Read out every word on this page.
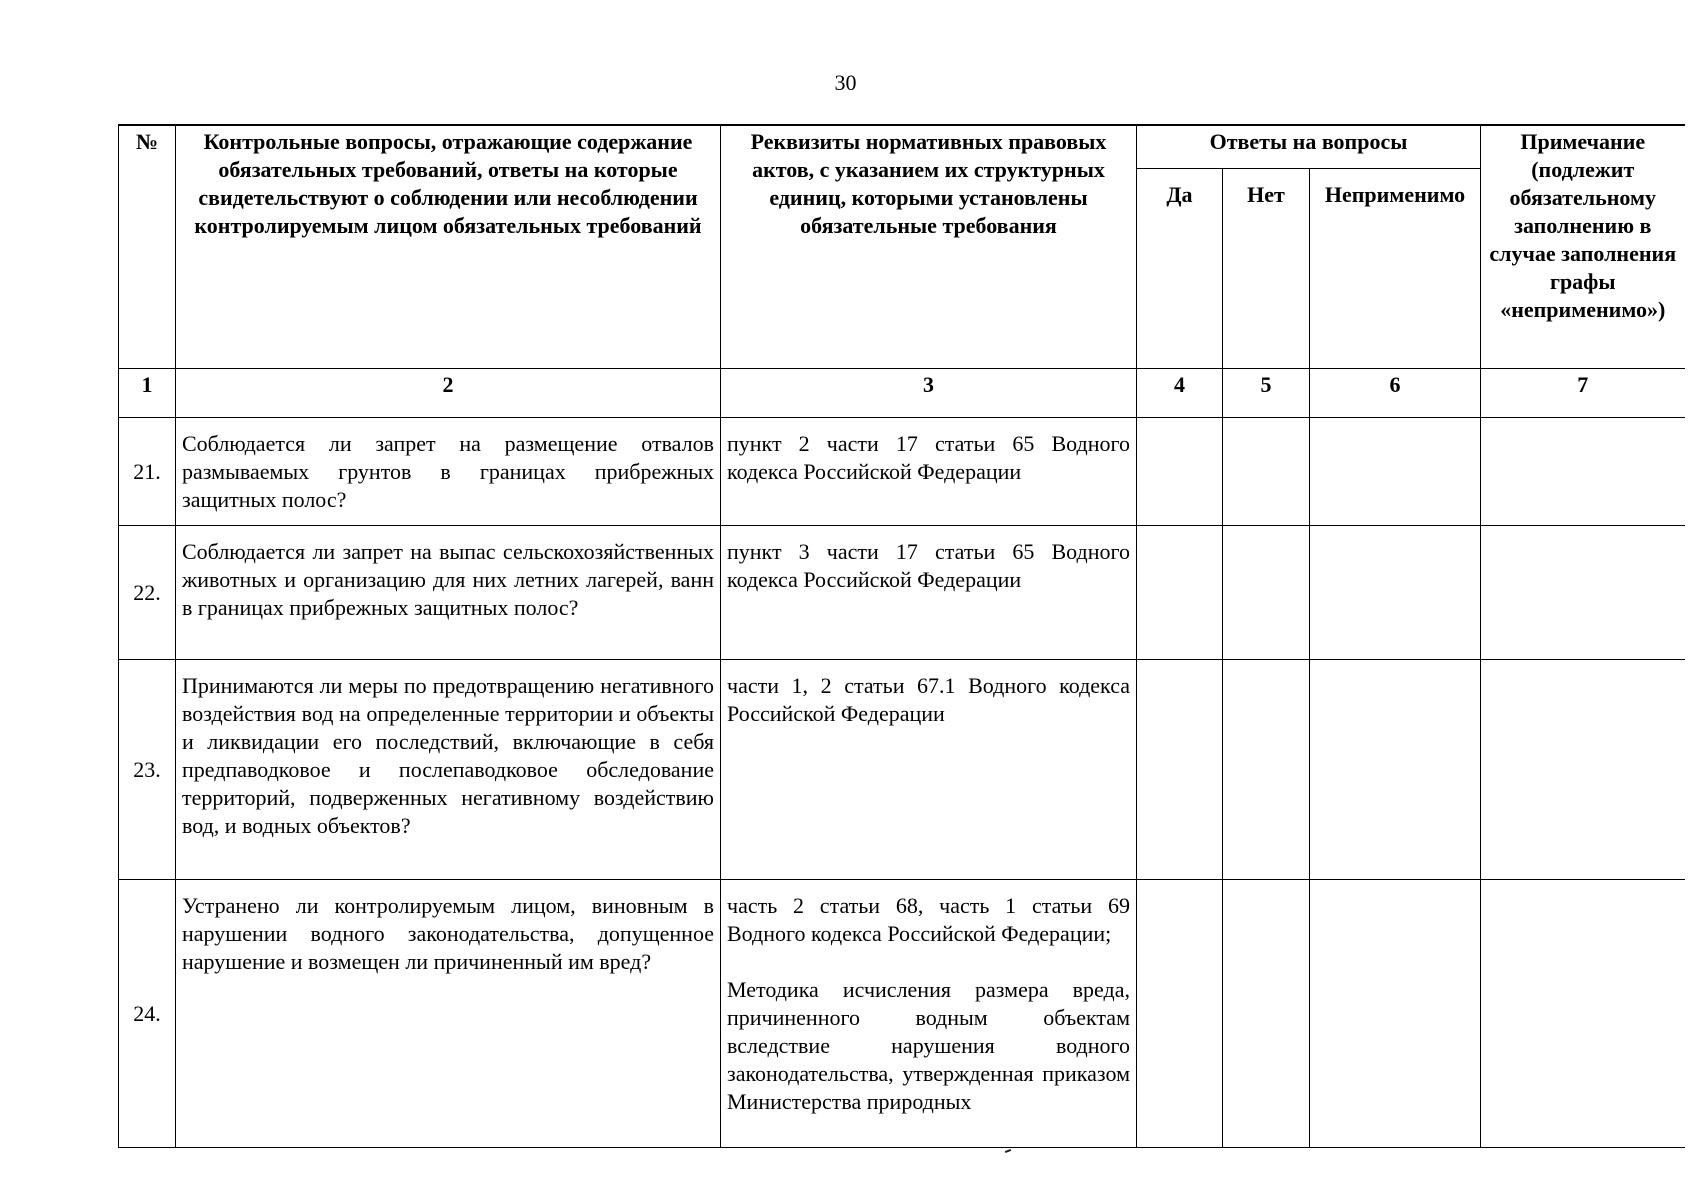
30
№	Контрольные вопросы, отражающие содержание обязательных требований, ответы на которые свидетельствуют о соблюдении или несоблюдении контролируемым лицом обязательных требований	Реквизиты нормативных правовых актов, с указанием их структурных единиц, которыми установлены обязательные требования	Ответы на вопросы			Примечание (подлежит обязательному заполнению в случае заполнения графы «неприменимо»)
			Да	Нет	Неприменимо	
1	2	3	4	5	6	7
21.	Соблюдается ли запрет на размещение отвалов размываемых грунтов в границах прибрежных защитных полос?	пункт 2 части 17 статьи 65 Водного кодекса Российской Федерации				
22.	Соблюдается ли запрет на выпас сельскохозяйственных животных и организацию для них летних лагерей, ванн в границах прибрежных защитных полос?	пункт 3 части 17 статьи 65 Водного кодекса Российской Федерации				
23.	Принимаются ли меры по предотвращению негативного воздействия вод на определенные территории и объекты и ликвидации его последствий, включающие в себя предпаводковое и послепаводковое обследование территорий, подверженных негативному воздействию вод, и водных объектов?	части 1, 2 статьи 67.1 Водного кодекса Российской Федерации				
24.	Устранено ли контролируемым лицом, виновным в нарушении водного законодательства, допущенное нарушение и возмещен ли причиненный им вред?	часть 2 статьи 68, часть 1 статьи 69 Водного кодекса Российской Федерации;
Методика исчисления размера вреда, причиненного водным объектам вследствие нарушения водного законодательства, утвержденная приказом Министерства природных				
